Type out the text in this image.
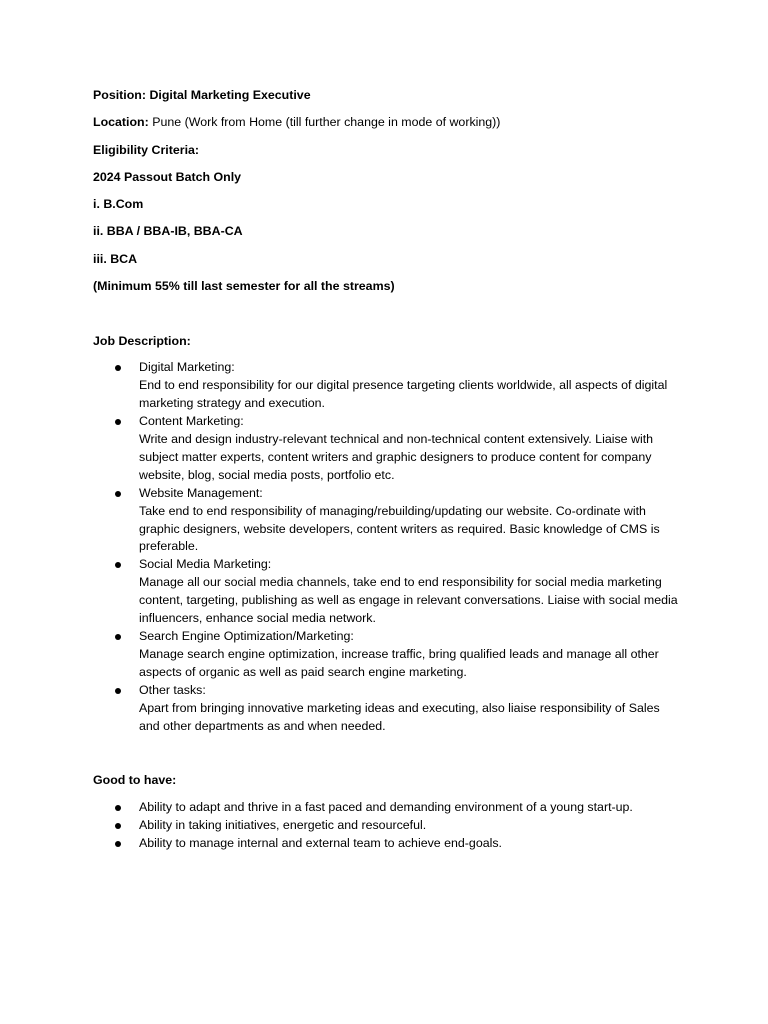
Position: Digital Marketing Executive

Location: Pune (Work from Home (till further change in mode of working))

Eligibility Criteria:

2024 Passout Batch Only

i. B.Com

ii. BBA / BBA-IB, BBA-CA

iii. BCA

(Minimum 55% till last semester for all the streams)

Job Description:

Digital Marketing:
End to end responsibility for our digital presence targeting clients worldwide, all aspects of digital marketing strategy and execution.
Content Marketing:
Write and design industry-relevant technical and non-technical content extensively. Liaise with subject matter experts, content writers and graphic designers to produce content for company website, blog, social media posts, portfolio etc.
Website Management:
Take end to end responsibility of managing/rebuilding/updating our website. Co-ordinate with graphic designers, website developers, content writers as required. Basic knowledge of CMS is preferable.
Social Media Marketing:
Manage all our social media channels, take end to end responsibility for social media marketing content, targeting, publishing as well as engage in relevant conversations. Liaise with social media influencers, enhance social media network.
Search Engine Optimization/Marketing:
Manage search engine optimization, increase traffic, bring qualified leads and manage all other aspects of organic as well as paid search engine marketing.
Other tasks:
Apart from bringing innovative marketing ideas and executing, also liaise responsibility of Sales and other departments as and when needed.

Good to have:

Ability to adapt and thrive in a fast paced and demanding environment of a young start-up.
Ability in taking initiatives, energetic and resourceful.
Ability to manage internal and external team to achieve end-goals.
